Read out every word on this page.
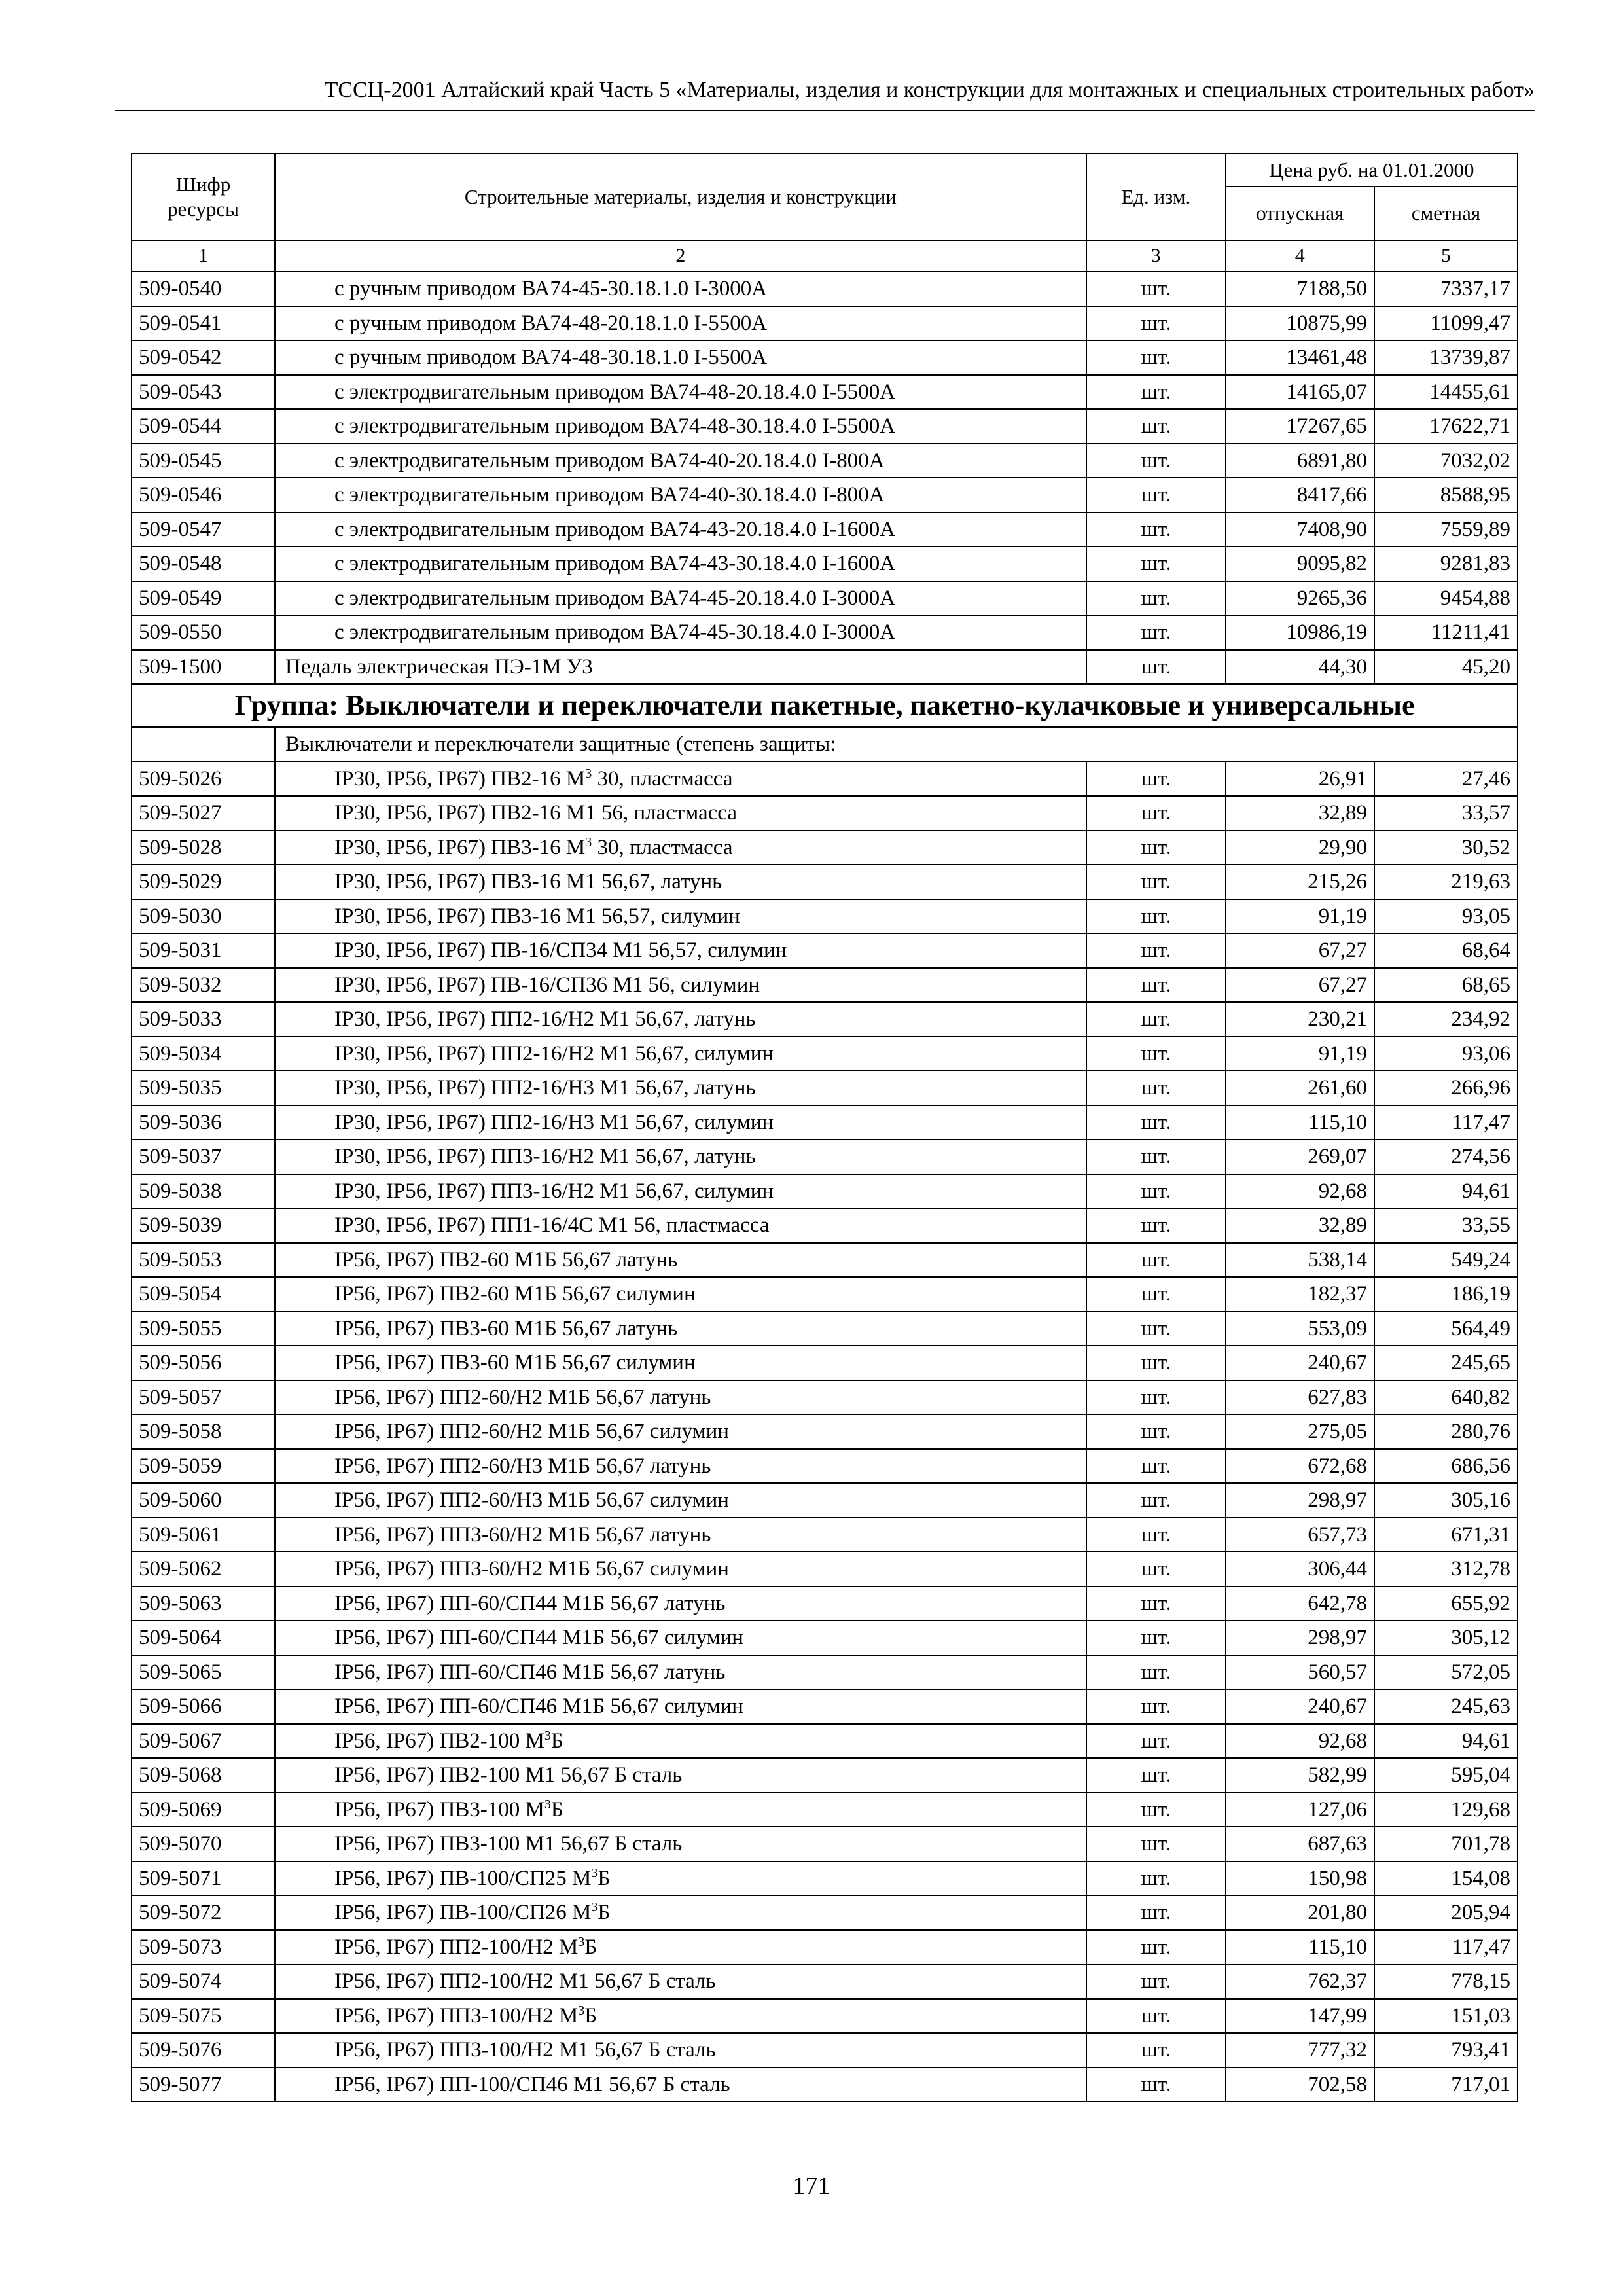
ТССЦ-2001 Алтайский край Часть 5 «Материалы, изделия и конструкции для монтажных и специальных строительных работ»
Шифр ресурсы	Строительные материалы, изделия и конструкции	Ед. изм.	Цена руб. на 01.01.2000	
			отпускная	сметная
1	2	3	4	5
509-0540	с ручным приводом ВА74-45-30.18.1.0 I-3000А	шт.	7188,50	7337,17
509-0541	с ручным приводом ВА74-48-20.18.1.0 I-5500А	шт.	10875,99	11099,47
509-0542	с ручным приводом ВА74-48-30.18.1.0 I-5500А	шт.	13461,48	13739,87
509-0543	с электродвигательным приводом ВА74-48-20.18.4.0 I-5500А	шт.	14165,07	14455,61
509-0544	с электродвигательным приводом ВА74-48-30.18.4.0 I-5500А	шт.	17267,65	17622,71
509-0545	с электродвигательным приводом ВА74-40-20.18.4.0 I-800А	шт.	6891,80	7032,02
509-0546	с электродвигательным приводом ВА74-40-30.18.4.0 I-800А	шт.	8417,66	8588,95
509-0547	с электродвигательным приводом ВА74-43-20.18.4.0 I-1600А	шт.	7408,90	7559,89
509-0548	с электродвигательным приводом ВА74-43-30.18.4.0 I-1600А	шт.	9095,82	9281,83
509-0549	с электродвигательным приводом ВА74-45-20.18.4.0 I-3000А	шт.	9265,36	9454,88
509-0550	с электродвигательным приводом ВА74-45-30.18.4.0 I-3000А	шт.	10986,19	11211,41
509-1500	Педаль электрическая ПЭ-1М У3	шт.	44,30	45,20
Группа: Выключатели и переключатели пакетные, пакетно-кулачковые и универсальные				
	Выключатели и переключатели защитные (степень защиты:			
509-5026	IP30, IP56, IP67) ПВ2-16 $М^3$ 30, пластмасса	шт.	26,91	27,46
509-5027	IP30, IP56, IP67) ПВ2-16 М1 56, пластмасса	шт.	32,89	33,57
509-5028	IP30, IP56, IP67) ПВ3-16 $М^3$ 30, пластмасса	шт.	29,90	30,52
509-5029	IP30, IP56, IP67) ПВ3-16 М1 56,67, латунь	шт.	215,26	219,63
509-5030	IP30, IP56, IP67) ПВ3-16 М1 56,57, силумин	шт.	91,19	93,05
509-5031	IP30, IP56, IP67) ПВ-16/СП34 М1 56,57, силумин	шт.	67,27	68,64
509-5032	IP30, IP56, IP67) ПВ-16/СП36 М1 56, силумин	шт.	67,27	68,65
509-5033	IP30, IP56, IP67) ПП2-16/Н2 М1 56,67, латунь	шт.	230,21	234,92
509-5034	IP30, IP56, IP67) ПП2-16/Н2 М1 56,67, силумин	шт.	91,19	93,06
509-5035	IP30, IP56, IP67) ПП2-16/Н3 М1 56,67, латунь	шт.	261,60	266,96
509-5036	IP30, IP56, IP67) ПП2-16/Н3 М1 56,67, силумин	шт.	115,10	117,47
509-5037	IP30, IP56, IP67) ПП3-16/Н2 М1 56,67, латунь	шт.	269,07	274,56
509-5038	IP30, IP56, IP67) ПП3-16/Н2 М1 56,67, силумин	шт.	92,68	94,61
509-5039	IP30, IP56, IP67) ПП1-16/4С М1 56, пластмасса	шт.	32,89	33,55
509-5053	IP56, IP67) ПВ2-60 М1Б 56,67 латунь	шт.	538,14	549,24
509-5054	IP56, IP67) ПВ2-60 М1Б 56,67 силумин	шт.	182,37	186,19
509-5055	IP56, IP67) ПВ3-60 М1Б 56,67 латунь	шт.	553,09	564,49
509-5056	IP56, IP67) ПВ3-60 М1Б 56,67 силумин	шт.	240,67	245,65
509-5057	IP56, IP67) ПП2-60/Н2 М1Б 56,67 латунь	шт.	627,83	640,82
509-5058	IP56, IP67) ПП2-60/Н2 М1Б 56,67 силумин	шт.	275,05	280,76
509-5059	IP56, IP67) ПП2-60/Н3 М1Б 56,67 латунь	шт.	672,68	686,56
509-5060	IP56, IP67) ПП2-60/Н3 М1Б 56,67 силумин	шт.	298,97	305,16
509-5061	IP56, IP67) ПП3-60/Н2 М1Б 56,67 латунь	шт.	657,73	671,31
509-5062	IP56, IP67) ПП3-60/Н2 М1Б 56,67 силумин	шт.	306,44	312,78
509-5063	IP56, IP67) ПП-60/СП44 М1Б 56,67 латунь	шт.	642,78	655,92
509-5064	IP56, IP67) ПП-60/СП44 М1Б 56,67 силумин	шт.	298,97	305,12
509-5065	IP56, IP67) ПП-60/СП46 М1Б 56,67 латунь	шт.	560,57	572,05
509-5066	IP56, IP67) ПП-60/СП46 М1Б 56,67 силумин	шт.	240,67	245,63
509-5067	IP56, IP67) ПВ2-100 $М^3Б$	шт.	92,68	94,61
509-5068	IP56, IP67) ПВ2-100 М1 56,67 Б сталь	шт.	582,99	595,04
509-5069	IP56, IP67) ПВ3-100 $М^3Б$	шт.	127,06	129,68
509-5070	IP56, IP67) ПВ3-100 М1 56,67 Б сталь	шт.	687,63	701,78
509-5071	IP56, IP67) ПВ-100/СП25 $М^3Б$	шт.	150,98	154,08
509-5072	IP56, IP67) ПВ-100/СП26 $М^3Б$	шт.	201,80	205,94
509-5073	IP56, IP67) ПП2-100/Н2 $М^3Б$	шт.	115,10	117,47
509-5074	IP56, IP67) ПП2-100/Н2 М1 56,67 Б сталь	шт.	762,37	778,15
509-5075	IP56, IP67) ПП3-100/Н2 $М^3Б$	шт.	147,99	151,03
509-5076	IP56, IP67) ПП3-100/Н2 М1 56,67 Б сталь	шт.	777,32	793,41
509-5077	IP56, IP67) ПП-100/СП46 М1 56,67 Б сталь	шт.	702,58	717,01
171
